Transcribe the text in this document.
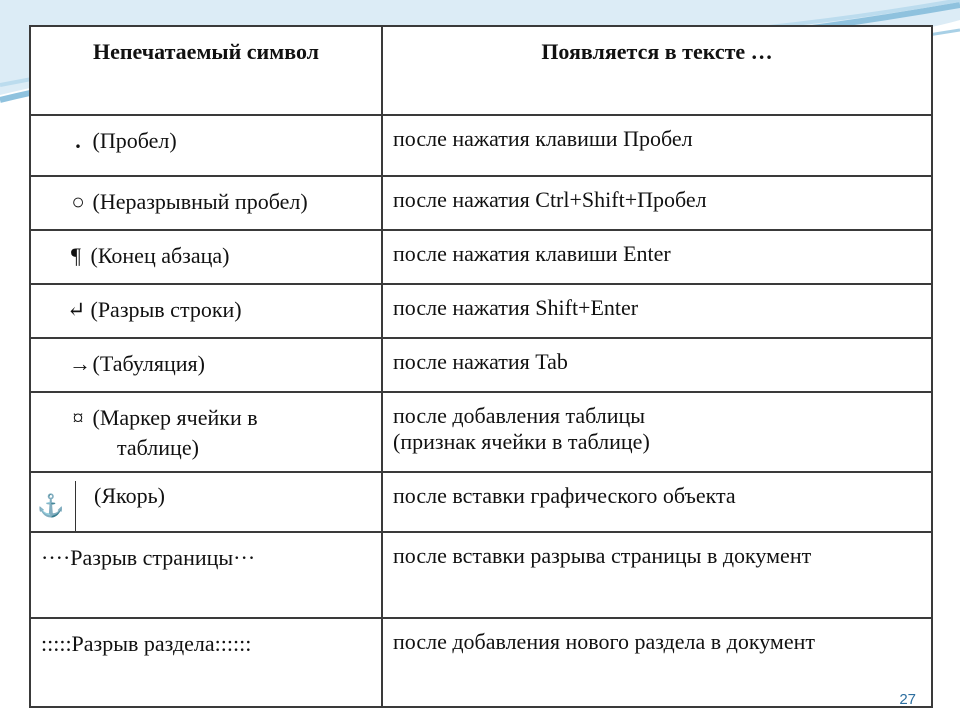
Непечатаемый символ	Появляется в тексте …

. (Пробел)	после нажатия клавиши Пробел

○ (Неразрывный пробел)	после нажатия Ctrl+Shift+Пробел

¶ (Конец абзаца)	после нажатия клавиши Enter

↵ (Разрыв строки)	после нажатия Shift+Enter

→ (Табуляция)	после нажатия Tab

¤ (Маркер ячейки в
таблице)	после добавления таблицы
(признак ячейки в таблице)

⚓ (Якорь)	после вставки графического объекта

····Разрыв страницы···	после вставки разрыва страницы в документ

:::::Разрыв раздела::::::	после добавления нового раздела в документ
27
